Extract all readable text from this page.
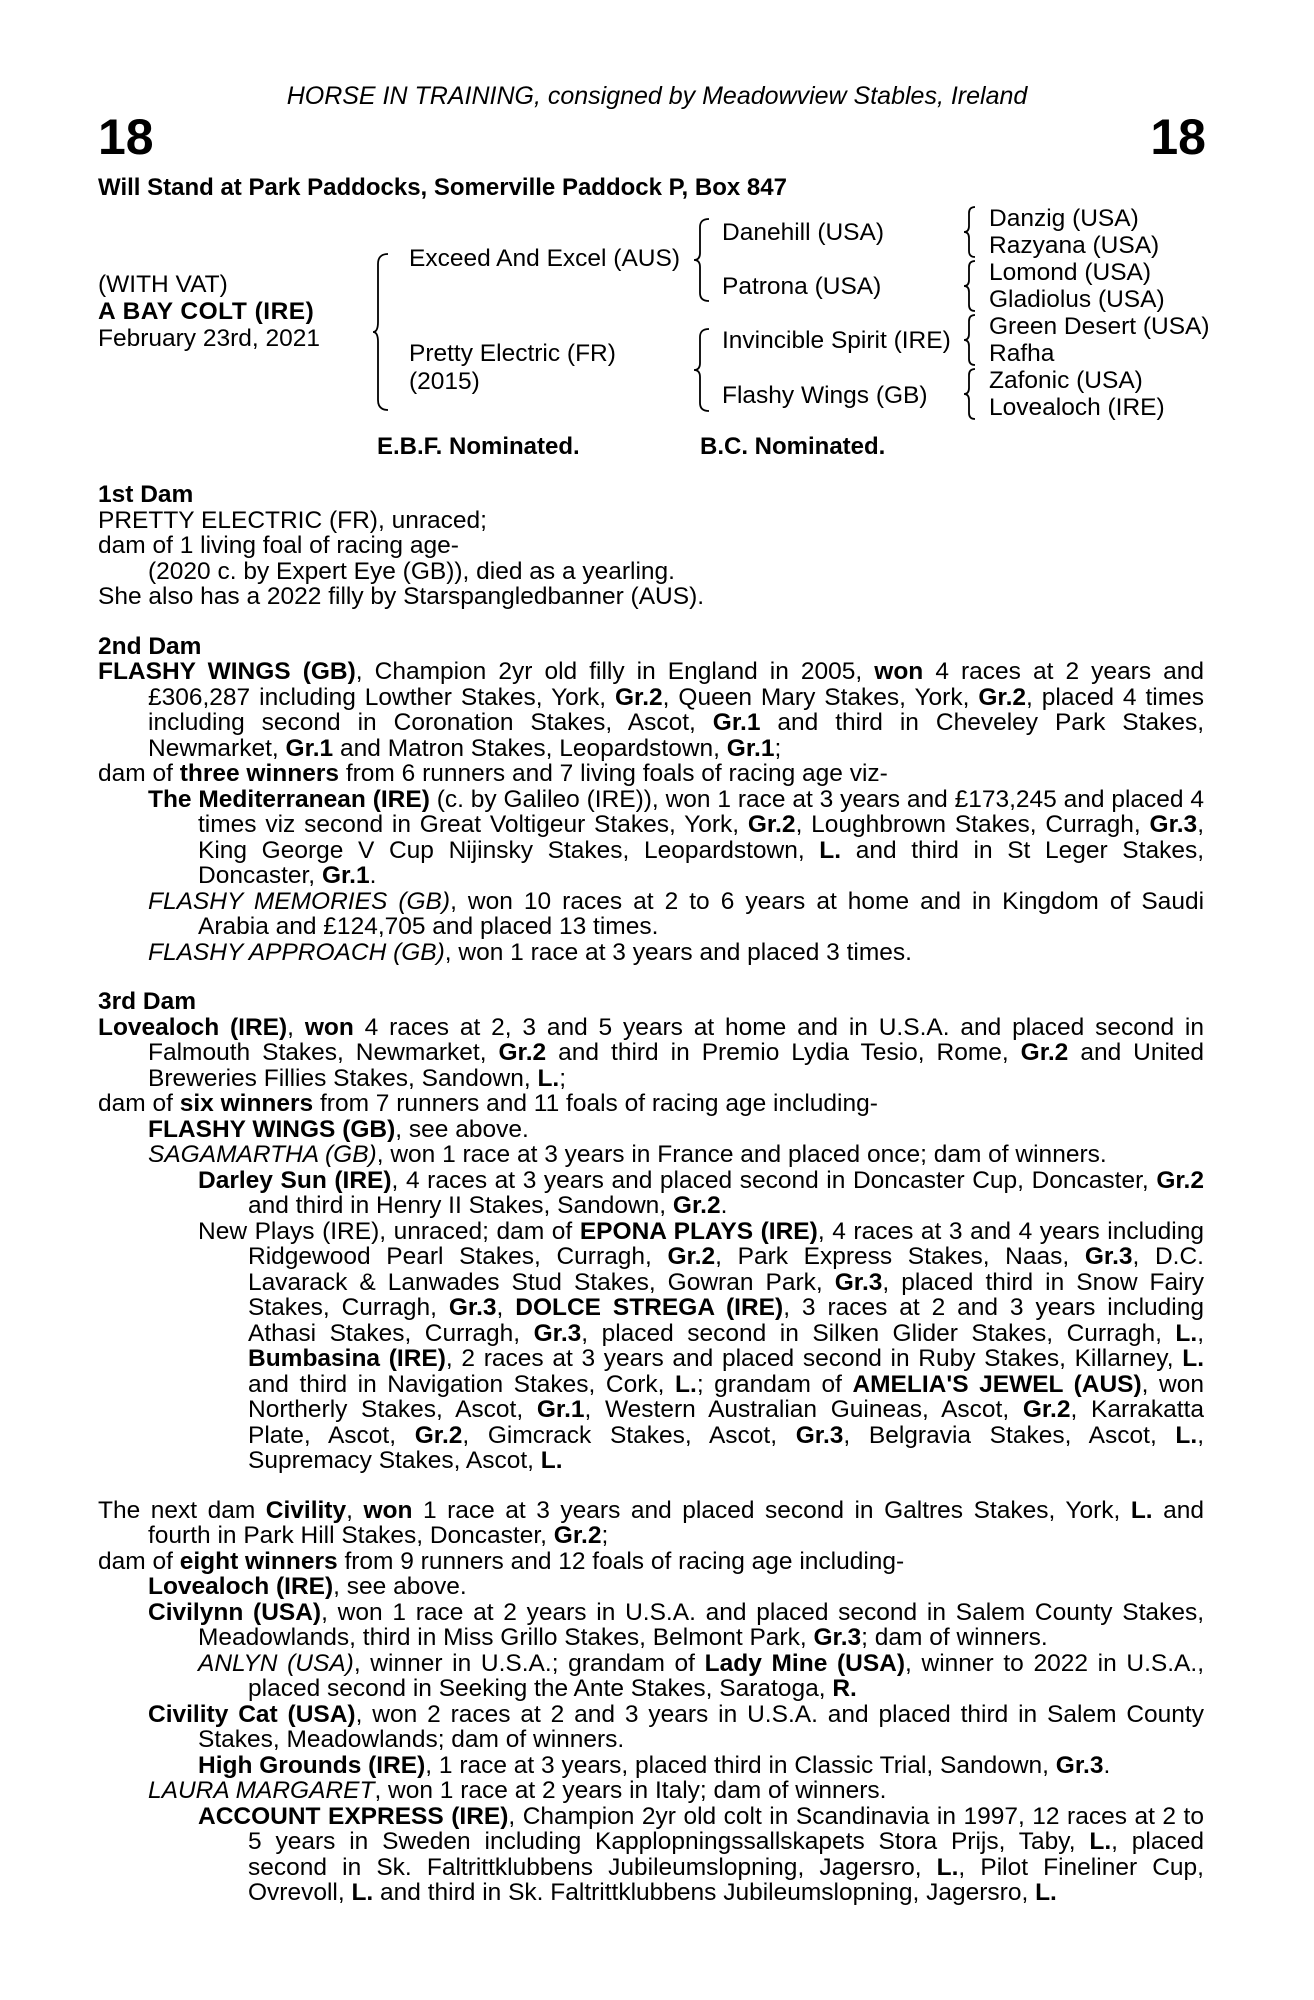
HORSE IN TRAINING, consigned by Meadowview Stables, Ireland
18	18
Will Stand at Park Paddocks, Somerville Paddock P, Box 847
(WITH VAT)
A BAY COLT (IRE)
February 23rd, 2021
Exceed And Excel (AUS)
Pretty Electric (FR)
(2015)
Danehill (USA)
Patrona (USA)
Invincible Spirit (IRE)
Flashy Wings (GB)
Danzig (USA)
Razyana (USA)
Lomond (USA)
Gladiolus (USA)
Green Desert (USA)
Rafha
Zafonic (USA)
Lovealoch (IRE)
E.B.F. Nominated.	B.C. Nominated.
1st Dam
PRETTY ELECTRIC (FR), unraced;
dam of 1 living foal of racing age-
(2020 c. by Expert Eye (GB)), died as a yearling.
She also has a 2022 filly by Starspangledbanner (AUS).
2nd Dam
FLASHY WINGS (GB), Champion 2yr old filly in England in 2005, won 4 races at 2 years and £306,287 including Lowther Stakes, York, Gr.2, Queen Mary Stakes, York, Gr.2, placed 4 times including second in Coronation Stakes, Ascot, Gr.1 and third in Cheveley Park Stakes, Newmarket, Gr.1 and Matron Stakes, Leopardstown, Gr.1;
dam of three winners from 6 runners and 7 living foals of racing age viz-
The Mediterranean (IRE) (c. by Galileo (IRE)), won 1 race at 3 years and £173,245 and placed 4 times viz second in Great Voltigeur Stakes, York, Gr.2, Loughbrown Stakes, Curragh, Gr.3, King George V Cup Nijinsky Stakes, Leopardstown, L. and third in St Leger Stakes, Doncaster, Gr.1.
FLASHY MEMORIES (GB), won 10 races at 2 to 6 years at home and in Kingdom of Saudi Arabia and £124,705 and placed 13 times.
FLASHY APPROACH (GB), won 1 race at 3 years and placed 3 times.
3rd Dam
Lovealoch (IRE), won 4 races at 2, 3 and 5 years at home and in U.S.A. and placed second in Falmouth Stakes, Newmarket, Gr.2 and third in Premio Lydia Tesio, Rome, Gr.2 and United Breweries Fillies Stakes, Sandown, L.;
dam of six winners from 7 runners and 11 foals of racing age including-
FLASHY WINGS (GB), see above.
SAGAMARTHA (GB), won 1 race at 3 years in France and placed once; dam of winners.
Darley Sun (IRE), 4 races at 3 years and placed second in Doncaster Cup, Doncaster, Gr.2 and third in Henry II Stakes, Sandown, Gr.2.
New Plays (IRE), unraced; dam of EPONA PLAYS (IRE), 4 races at 3 and 4 years including Ridgewood Pearl Stakes, Curragh, Gr.2, Park Express Stakes, Naas, Gr.3, D.C. Lavarack & Lanwades Stud Stakes, Gowran Park, Gr.3, placed third in Snow Fairy Stakes, Curragh, Gr.3, DOLCE STREGA (IRE), 3 races at 2 and 3 years including Athasi Stakes, Curragh, Gr.3, placed second in Silken Glider Stakes, Curragh, L., Bumbasina (IRE), 2 races at 3 years and placed second in Ruby Stakes, Killarney, L. and third in Navigation Stakes, Cork, L.; grandam of AMELIA'S JEWEL (AUS), won Northerly Stakes, Ascot, Gr.1, Western Australian Guineas, Ascot, Gr.2, Karrakatta Plate, Ascot, Gr.2, Gimcrack Stakes, Ascot, Gr.3, Belgravia Stakes, Ascot, L., Supremacy Stakes, Ascot, L.
The next dam Civility, won 1 race at 3 years and placed second in Galtres Stakes, York, L. and fourth in Park Hill Stakes, Doncaster, Gr.2;
dam of eight winners from 9 runners and 12 foals of racing age including-
Lovealoch (IRE), see above.
Civilynn (USA), won 1 race at 2 years in U.S.A. and placed second in Salem County Stakes, Meadowlands, third in Miss Grillo Stakes, Belmont Park, Gr.3; dam of winners.
ANLYN (USA), winner in U.S.A.; grandam of Lady Mine (USA), winner to 2022 in U.S.A., placed second in Seeking the Ante Stakes, Saratoga, R.
Civility Cat (USA), won 2 races at 2 and 3 years in U.S.A. and placed third in Salem County Stakes, Meadowlands; dam of winners.
High Grounds (IRE), 1 race at 3 years, placed third in Classic Trial, Sandown, Gr.3.
LAURA MARGARET, won 1 race at 2 years in Italy; dam of winners.
ACCOUNT EXPRESS (IRE), Champion 2yr old colt in Scandinavia in 1997, 12 races at 2 to 5 years in Sweden including Kapplopningssallskapets Stora Prijs, Taby, L., placed second in Sk. Faltrittklubbens Jubileumslopning, Jagersro, L., Pilot Fineliner Cup, Ovrevoll, L. and third in Sk. Faltrittklubbens Jubileumslopning, Jagersro, L.
